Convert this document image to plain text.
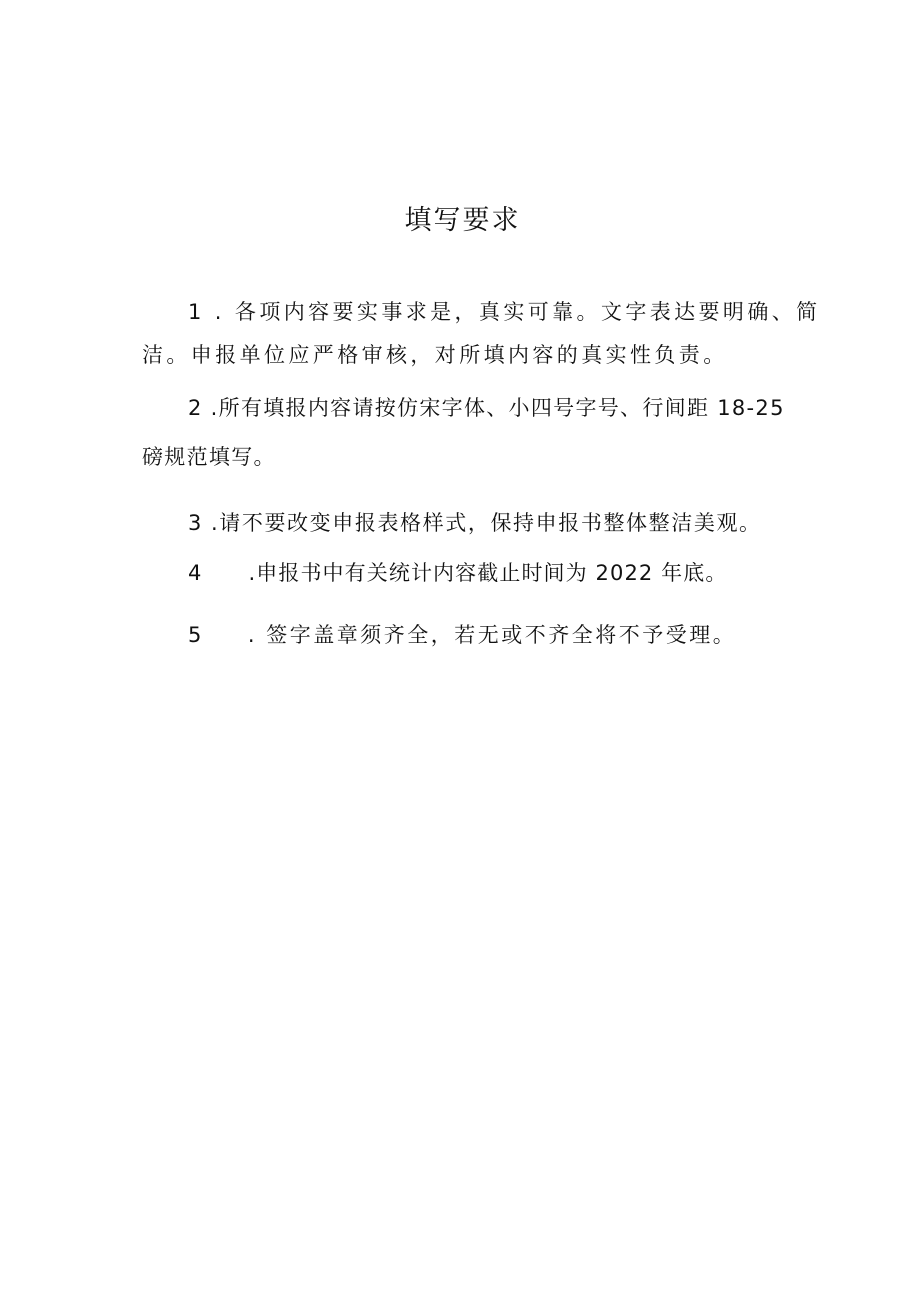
填写要求
1 . 各项内容要实事求是，真实可靠。文字表达要明确、简
洁。申报单位应严格审核，对所填内容的真实性负责。
2 .所有填报内容请按仿宋字体、小四号字号、行间距 18-25
磅规范填写。
3 .请不要改变申报表格样式，保持申报书整体整洁美观。
4 .申报书中有关统计内容截止时间为 2022 年底。
5 . 签字盖章须齐全，若无或不齐全将不予受理。
